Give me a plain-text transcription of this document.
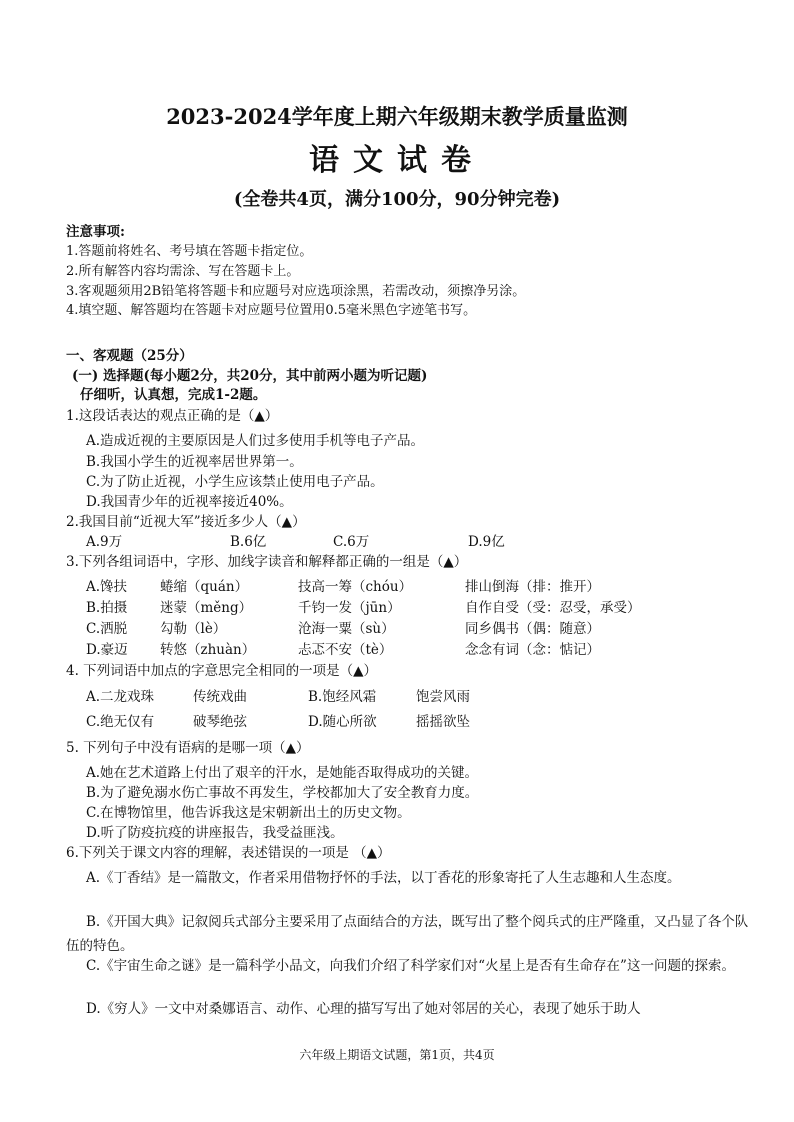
2023-2024学年度上期六年级期末教学质量监测
语文试卷
(全卷共4页，满分100分，90分钟完卷)
注意事项:
1.答题前将姓名、考号填在答题卡指定位。
2.所有解答内容均需涂、写在答题卡上。
3.客观题须用2B铅笔将答题卡和应题号对应选项涂黑，若需改动，须擦净另涂。
4.填空题、解答题均在答题卡对应题号位置用0.5毫米黑色字迹笔书写。
一、客观题（25分）
(一) 选择题(每小题2分，共20分，其中前两小题为听记题)
仔细听，认真想，完成1-2题。
1.这段话表达的观点正确的是（▲）
A.造成近视的主要原因是人们过多使用手机等电子产品。
B.我国小学生的近视率居世界第一。
C.为了防止近视，小学生应该禁止使用电子产品。
D.我国青少年的近视率接近40%。
2.我国目前“近视大军”接近多少人（▲）
A.9万	B.6亿	C.6万	D.9亿
3.下列各组词语中，字形、加线字读音和解释都正确的一组是（▲）
A.馋扶 蜷缩（quán）	技高一筹（chóu）	排山倒海（排：推开）
B.拍摄 迷蒙（měng）	千钧一发（jūn）	自作自受（受：忍受，承受）
C.洒脱 勾勒（lè）	沧海一粟（sù）	同乡偶书（偶：随意）
D.豪迈 转悠（zhuàn）	忐忑不安（tè）	念念有词（念：惦记）
4. 下列词语中加点的字意思完全相同的一项是（▲）
A.二龙戏珠	传统戏曲	B.饱经风霜	饱尝风雨
C.绝无仅有	破琴绝弦	D.随心所欲	摇摇欲坠
5. 下列句子中没有语病的是哪一项（▲）
A.她在艺术道路上付出了艰辛的汗水，是她能否取得成功的关键。
B.为了避免溺水伤亡事故不再发生，学校都加大了安全教育力度。
C.在博物馆里，他告诉我这是宋朝新出土的历史文物。
D.听了防疫抗疫的讲座报告，我受益匪浅。
6.下列关于课文内容的理解，表述错误的一项是 （▲）
A.《丁香结》是一篇散文，作者采用借物抒怀的手法，以丁香花的形象寄托了人生志趣和人生态度。
B.《开国大典》记叙阅兵式部分主要采用了点面结合的方法，既写出了整个阅兵式的庄严隆重，又凸显了各个队伍的特色。
C.《宇宙生命之谜》是一篇科学小品文，向我们介绍了科学家们对“火星上是否有生命存在”这一问题的探索。
D.《穷人》一文中对桑娜语言、动作、心理的描写写出了她对邻居的关心，表现了她乐于助人
六年级上期语文试题，第1页，共4页
